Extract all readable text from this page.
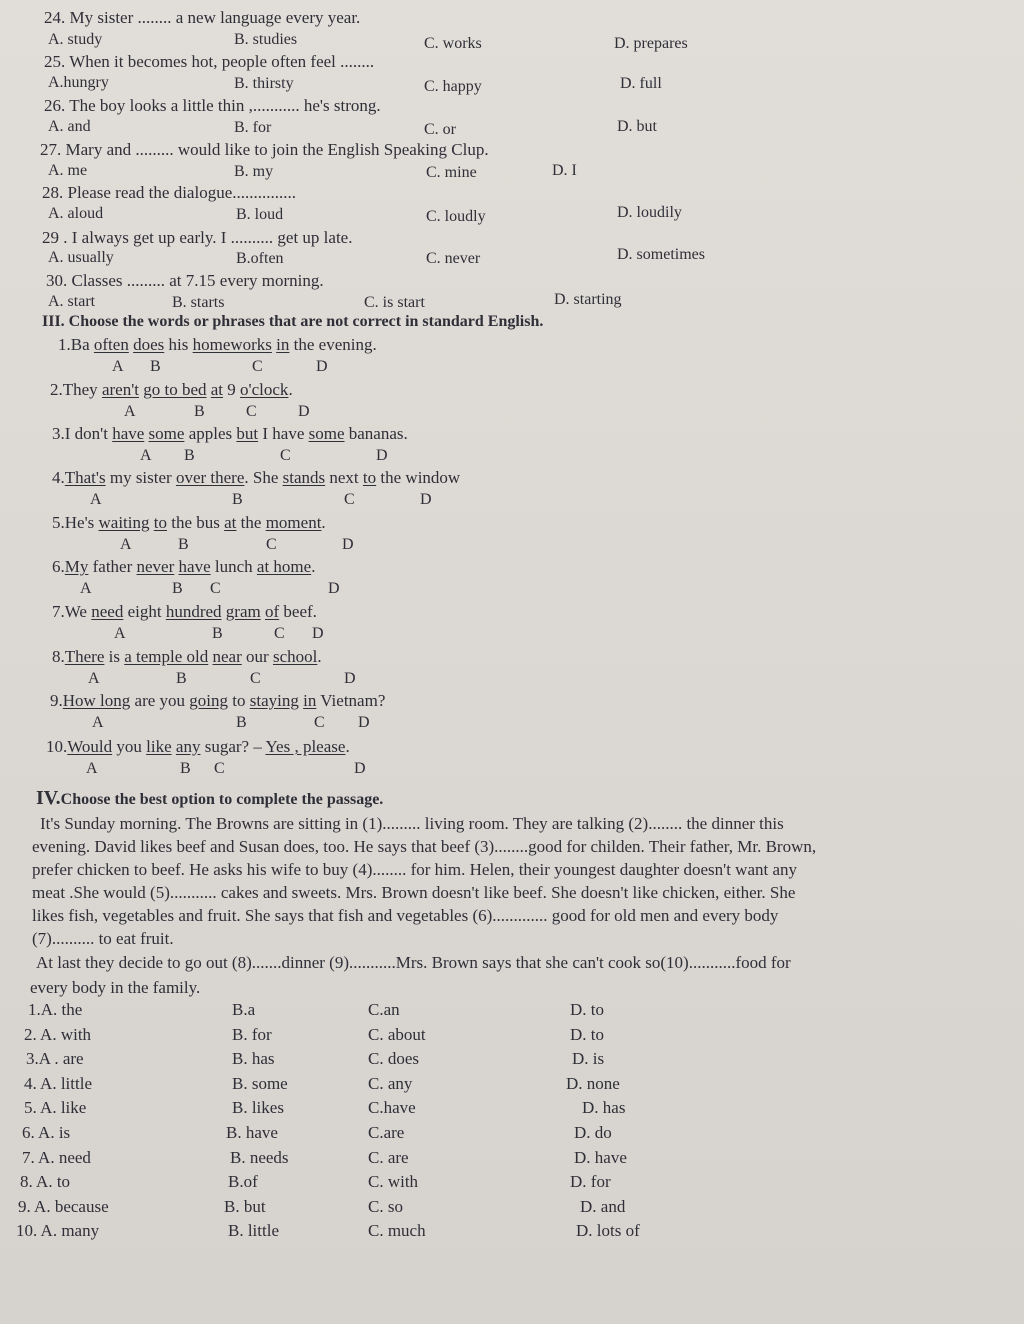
24. My sister ........ a new language every year.
A. study	B. studies	C. works	D. prepares
25. When it becomes hot, people often feel ........
A.hungry	B. thirsty	C. happy	D. full
26. The boy looks a little thin ,........... he's strong.
A. and	B. for	C. or	D. but
27. Mary and ......... would like to join the English Speaking Clup.
A. me	B. my	C. mine	D. I
28. Please read the dialogue...............
A. aloud	B. loud	C. loudly	D. loudily
29 . I always get up early. I .......... get up late.
A. usually	B.often	C. never	D. sometimes
30. Classes ......... at 7.15 every morning.
A. start	B. starts	C. is start	D. starting
III. Choose the words or phrases that are not correct in standard English.
1.Ba often does his homeworks in the evening.
A B	C	D
2.They aren't go to bed at 9 o'clock.
A	B	C	D
3.I don't have some apples but I have some bananas.
A B	C	D
4.That's my sister over there. She stands next to the window
A	B	C	D
5.He's waiting to the bus at the moment.
A	B	C	D
6.My father never have lunch at home.
A	B C	D
7.We need eight hundred gram of beef.
A	B	C D
8.There is a temple old near our school.
A	B	C	D
9.How long are you going to staying in Vietnam?
A	B	C D
10.Would you like any sugar? – Yes , please.
A	B C	D
IV.Choose the best option to complete the passage.
It's Sunday morning. The Browns are sitting in (1)......... living room. They are talking (2)........ the dinner this
evening. David likes beef and Susan does, too. He says that beef (3)........good for childen. Their father, Mr. Brown,
prefer chicken to beef. He asks his wife to buy (4)........ for him. Helen, their youngest daughter doesn't want any
meat .She would (5)........... cakes and sweets. Mrs. Brown doesn't like beef. She doesn't like chicken, either. She
likes fish, vegetables and fruit. She says that fish and vegetables (6)............. good for old men and every body
(7).......... to eat fruit.
At last they decide to go out (8).......dinner (9)...........Mrs. Brown says that she can't cook so(10)...........food for
every body in the family.
1.A. the	B.a	C.an	D. to
2. A. with	B. for	C. about	D. to
3.A . are	B. has	C. does	D. is
4. A. little	B. some	C. any	D. none
5. A. like	B. likes	C.have	D. has
6. A. is	B. have	C.are	D. do
7. A. need	B. needs	C. are	D. have
8. A. to	B.of	C. with	D. for
9. A. because	B. but	C. so	D. and
10. A. many	B. little	C. much	D. lots of
